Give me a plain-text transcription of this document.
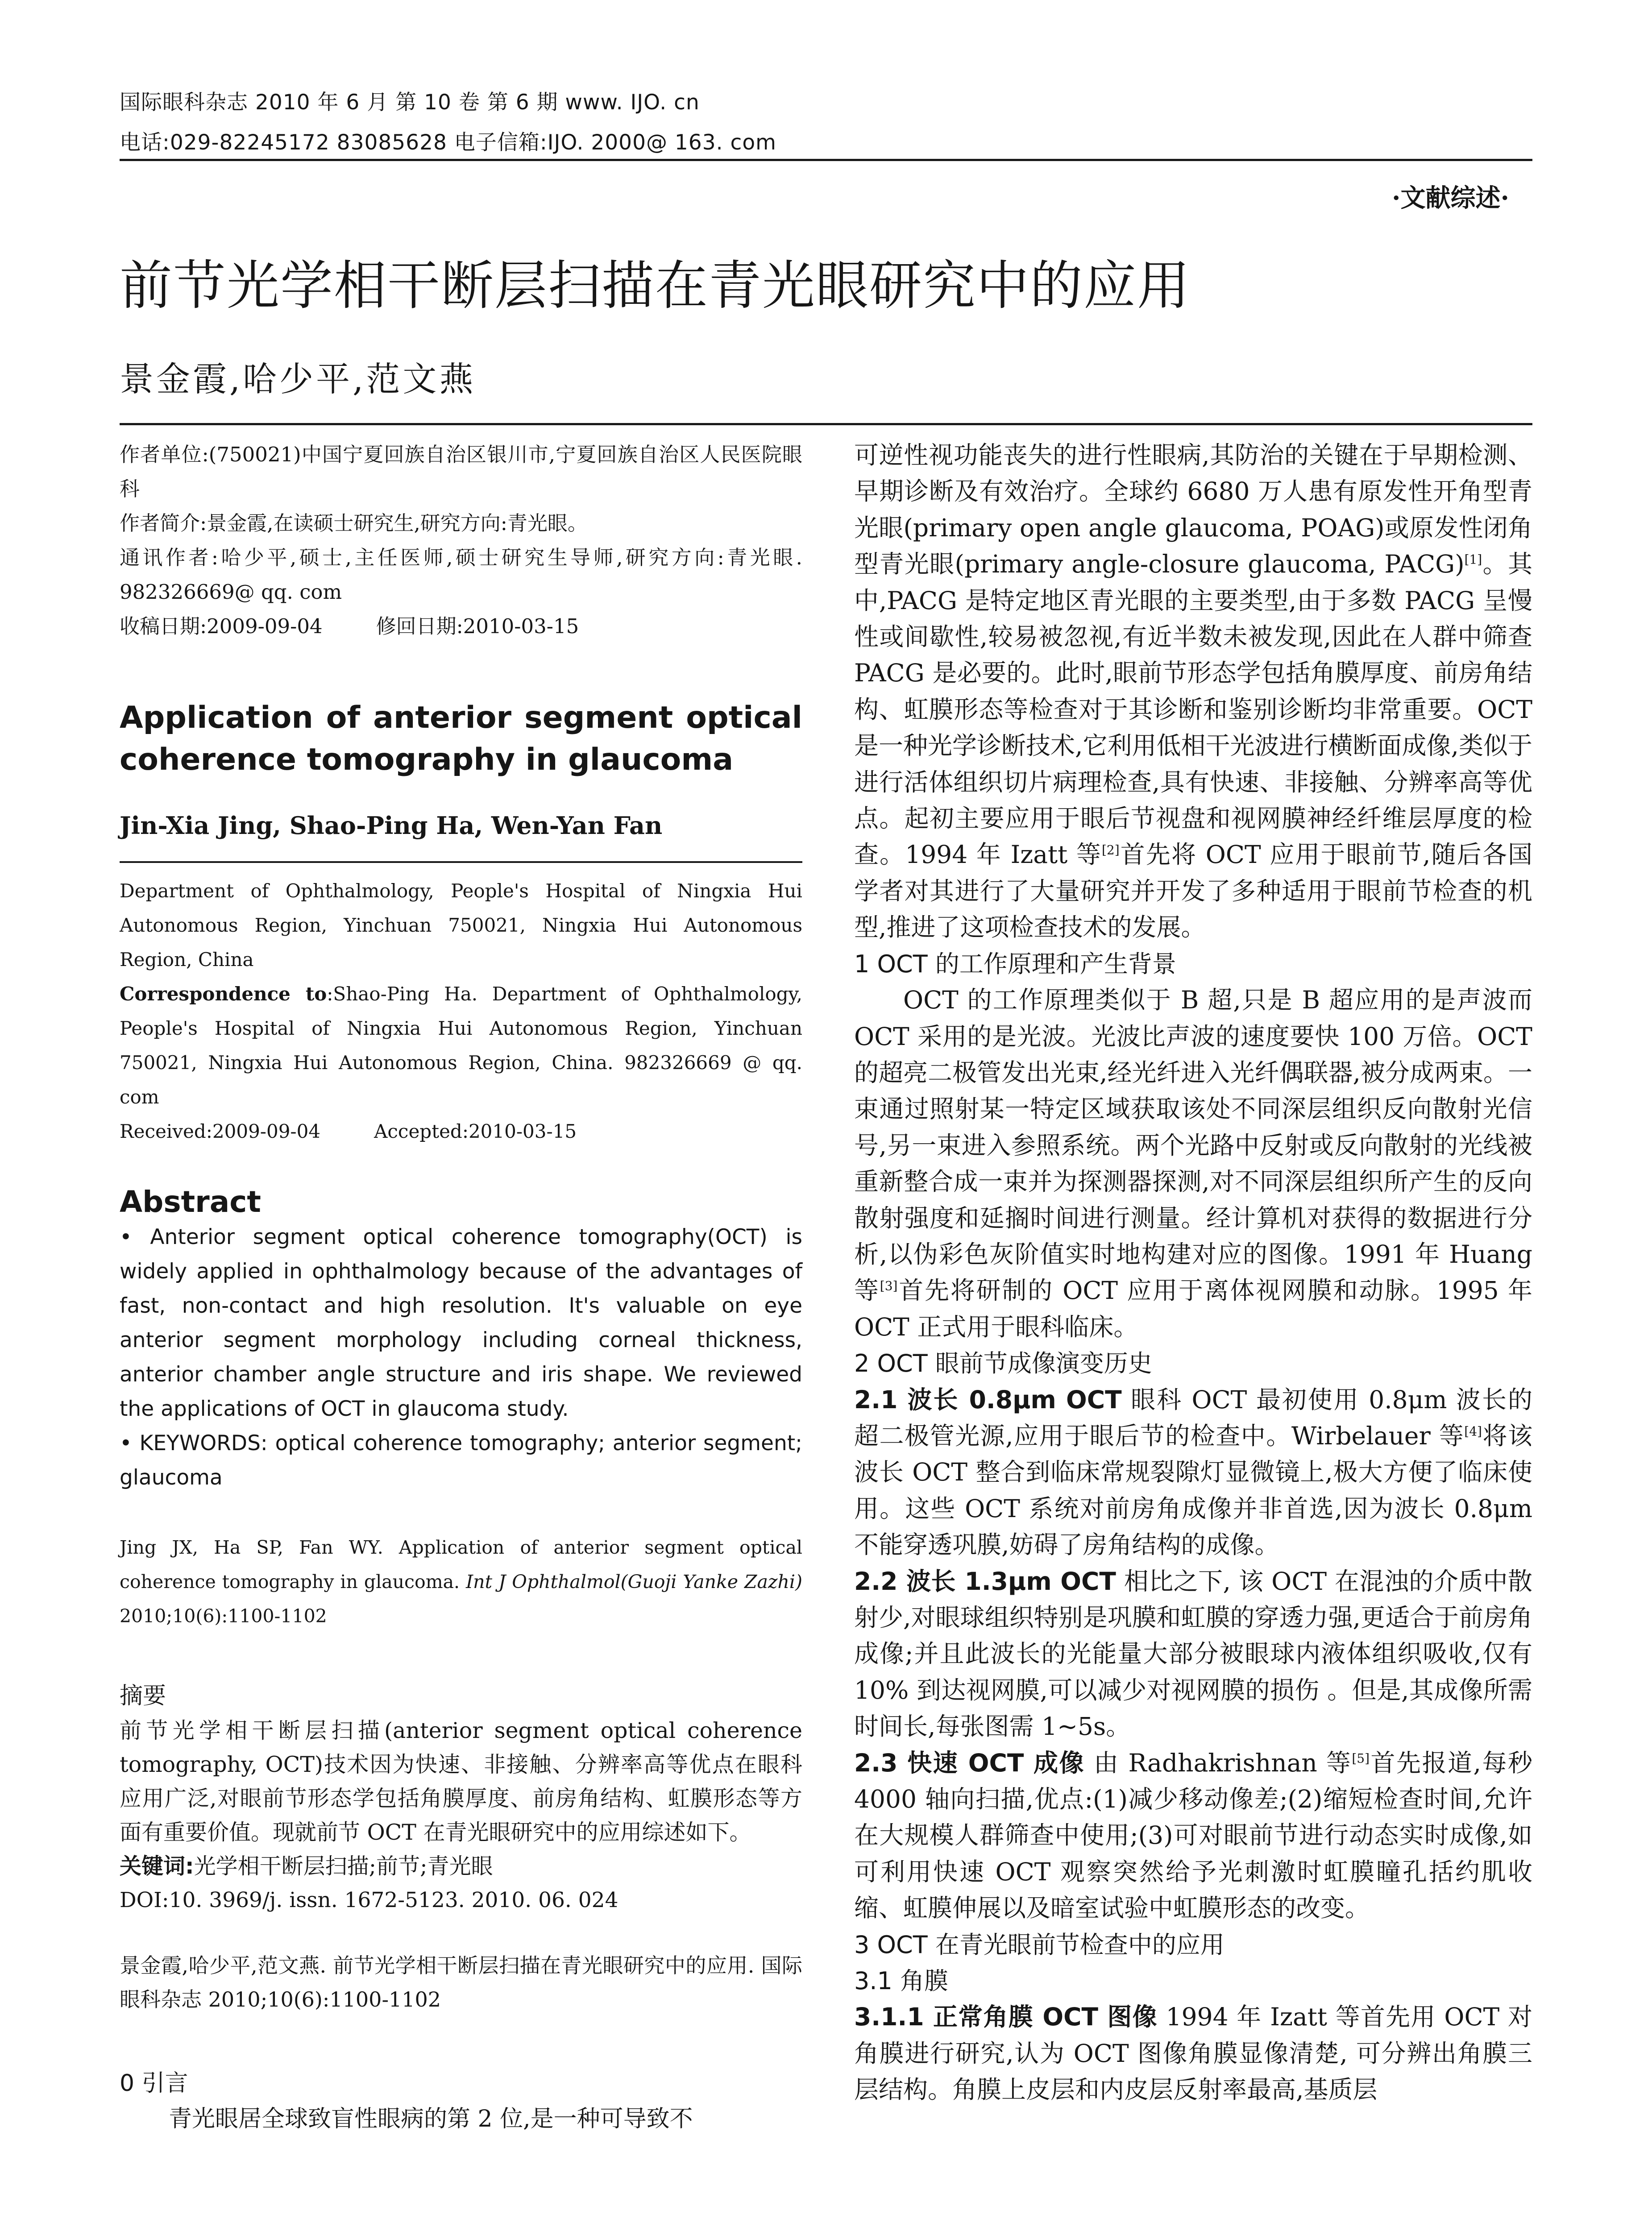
国际眼科杂志 2010 年 6 月 第 10 卷 第 6 期 www. IJO. cn
电话:029-82245172 83085628 电子信箱:IJO. 2000@ 163. com
·文献综述·
前节光学相干断层扫描在青光眼研究中的应用
景金霞,哈少平,范文燕

作者单位:(750021)中国宁夏回族自治区银川市,宁夏回族自治区人民医院眼科

作者简介:景金霞,在读硕士研究生,研究方向:青光眼。

通讯作者:哈少平,硕士,主任医师,硕士研究生导师,研究方向:青光眼. 982326669@ qq. com

收稿日期:2009-09-04	修回日期:2010-03-15

Application of anterior segment optical coherence tomography in glaucoma
Jin-Xia Jing, Shao-Ping Ha, Wen-Yan Fan

Department of Ophthalmology, People's Hospital of Ningxia Hui Autonomous Region, Yinchuan 750021, Ningxia Hui Autonomous Region, China

Correspondence to:Shao-Ping Ha. Department of Ophthalmology, People's Hospital of Ningxia Hui Autonomous Region, Yinchuan 750021, Ningxia Hui Autonomous Region, China. 982326669 @ qq. com

Received:2009-09-04	Accepted:2010-03-15

Abstract

• Anterior segment optical coherence tomography(OCT) is widely applied in ophthalmology because of the advantages of fast, non-contact and high resolution. It's valuable on eye anterior segment morphology including corneal thickness, anterior chamber angle structure and iris shape. We reviewed the applications of OCT in glaucoma study.

• KEYWORDS: optical coherence tomography; anterior segment; glaucoma

Jing JX, Ha SP, Fan WY. Application of anterior segment optical coherence tomography in glaucoma. Int J Ophthalmol(Guoji Yanke Zazhi) 2010;10(6):1100-1102

摘要

前节光学相干断层扫描(anterior segment optical coherence tomography, OCT)技术因为快速、非接触、分辨率高等优点在眼科应用广泛,对眼前节形态学包括角膜厚度、前房角结构、虹膜形态等方面有重要价值。现就前节 OCT 在青光眼研究中的应用综述如下。

关键词:光学相干断层扫描;前节;青光眼

DOI:10. 3969/j. issn. 1672-5123. 2010. 06. 024

景金霞,哈少平,范文燕. 前节光学相干断层扫描在青光眼研究中的应用. 国际眼科杂志 2010;10(6):1100-1102

0 引言

青光眼居全球致盲性眼病的第 2 位,是一种可导致不

可逆性视功能丧失的进行性眼病,其防治的关键在于早期检测、早期诊断及有效治疗。全球约 6680 万人患有原发性开角型青光眼(primary open angle glaucoma, POAG)或原发性闭角型青光眼(primary angle-closure glaucoma, PACG)[1]。其中,PACG 是特定地区青光眼的主要类型,由于多数 PACG 呈慢性或间歇性,较易被忽视,有近半数未被发现,因此在人群中筛查 PACG 是必要的。此时,眼前节形态学包括角膜厚度、前房角结构、虹膜形态等检查对于其诊断和鉴别诊断均非常重要。OCT 是一种光学诊断技术,它利用低相干光波进行横断面成像,类似于进行活体组织切片病理检查,具有快速、非接触、分辨率高等优点。起初主要应用于眼后节视盘和视网膜神经纤维层厚度的检查。1994 年 Izatt 等[2]首先将 OCT 应用于眼前节,随后各国学者对其进行了大量研究并开发了多种适用于眼前节检查的机型,推进了这项检查技术的发展。

1 OCT 的工作原理和产生背景

OCT 的工作原理类似于 B 超,只是 B 超应用的是声波而 OCT 采用的是光波。光波比声波的速度要快 100 万倍。OCT 的超亮二极管发出光束,经光纤进入光纤偶联器,被分成两束。一束通过照射某一特定区域获取该处不同深层组织反向散射光信号,另一束进入参照系统。两个光路中反射或反向散射的光线被重新整合成一束并为探测器探测,对不同深层组织所产生的反向散射强度和延搁时间进行测量。经计算机对获得的数据进行分析,以伪彩色灰阶值实时地构建对应的图像。1991 年 Huang 等[3]首先将研制的 OCT 应用于离体视网膜和动脉。1995 年 OCT 正式用于眼科临床。

2 OCT 眼前节成像演变历史

2.1 波长 0.8μm OCT 眼科 OCT 最初使用 0.8μm 波长的超二极管光源,应用于眼后节的检查中。Wirbelauer 等[4]将该波长 OCT 整合到临床常规裂隙灯显微镜上,极大方便了临床使用。这些 OCT 系统对前房角成像并非首选,因为波长 0.8μm 不能穿透巩膜,妨碍了房角结构的成像。

2.2 波长 1.3μm OCT 相比之下, 该 OCT 在混浊的介质中散射少,对眼球组织特别是巩膜和虹膜的穿透力强,更适合于前房角成像;并且此波长的光能量大部分被眼球内液体组织吸收,仅有 10% 到达视网膜,可以减少对视网膜的损伤 。但是,其成像所需时间长,每张图需 1~5s。

2.3 快速 OCT 成像 由 Radhakrishnan 等[5]首先报道,每秒 4000 轴向扫描,优点:(1)减少移动像差;(2)缩短检查时间,允许在大规模人群筛查中使用;(3)可对眼前节进行动态实时成像,如可利用快速 OCT 观察突然给予光刺激时虹膜瞳孔括约肌收缩、虹膜伸展以及暗室试验中虹膜形态的改变。

3 OCT 在青光眼前节检查中的应用

3.1 角膜

3.1.1 正常角膜 OCT 图像 1994 年 Izatt 等首先用 OCT 对角膜进行研究,认为 OCT 图像角膜显像清楚, 可分辨出角膜三层结构。角膜上皮层和内皮层反射率最高,基质层
